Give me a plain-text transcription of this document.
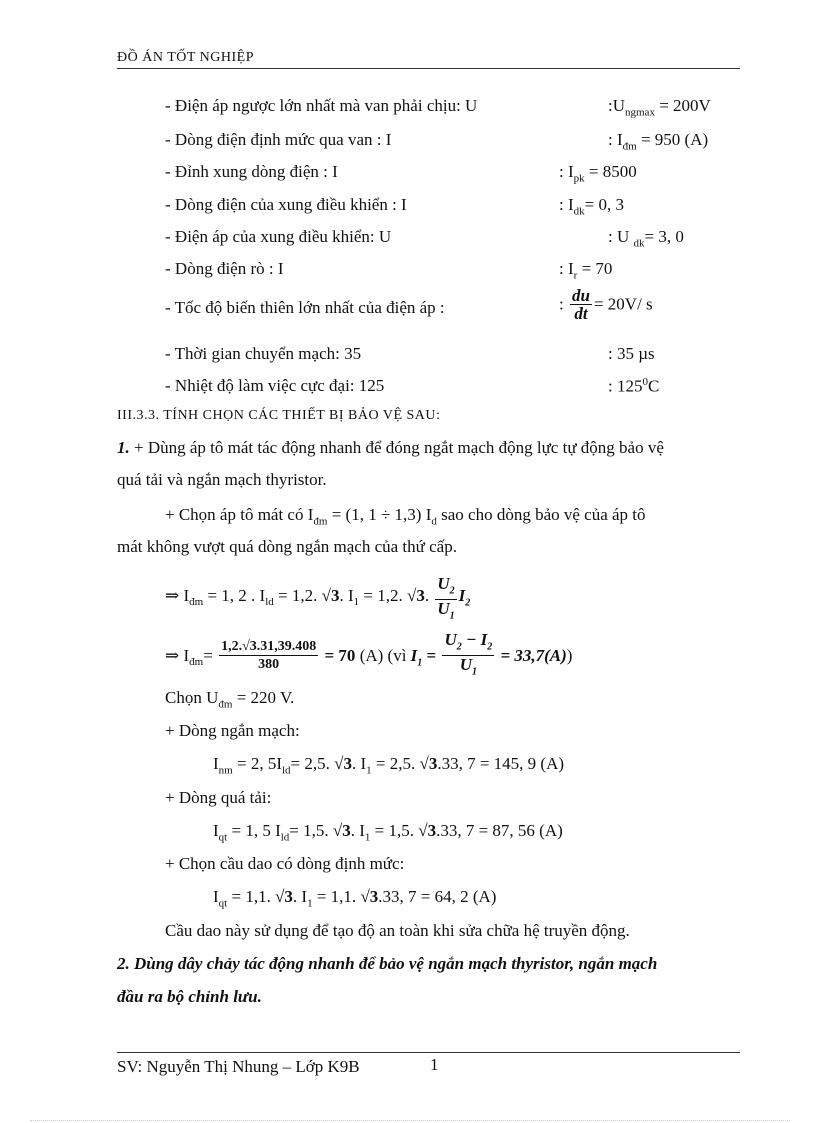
ĐỒ ÁN TỐT NGHIỆP
- Điện áp ngược lớn nhất mà van phải chịu: U	$:U_{ngmax} = 200V$
- Dòng điện định mức qua van : I	: $I_{đm} = 950$ (A)
- Đỉnh xung dòng điện : I	: $I_{pk} = 8500$
- Dòng điện của xung điều khiển : I	: $I_{dk}= 0$, 3
- Điện áp của xung điều khiển: U	: U $_{dk}$= 3, 0
- Dòng điện rò : I	: $I_r = 70$
- Tốc độ biến thiên lớn nhất của điện áp :	: $\frac{du}{dt} = 20V/$ s
- Thời gian chuyển mạch: 35	: 35 µs
- Nhiệt độ làm việc cực đại: 125	: $125^0C$
III.3.3. TÍNH CHỌN CÁC THIẾT BỊ BẢO VỆ SAU:
1. + Dùng áp tô mát tác động nhanh để đóng ngắt mạch động lực tự động bảo vệ
quá tải và ngắn mạch thyristor.
+ Chọn áp tô mát có $I_{đm} = (1$, 1 ÷ 1,3) $I_d$ sao cho dòng bảo vệ của áp tô
mát không vượt quá dòng ngắn mạch của thứ cấp.
⇒ $I_{đm} = 1$, 2 . $I_{ld} = 1,2$. √3. $I_1 = 1,2$. √3. $\frac{U_2}{U_1} I_2$
⇒ $I_{đm}= \frac{1,2.√3.31,39.408}{380} = 70$ (A) (vì $I_1 = \frac{U_2 - I_2}{U_1} = 33,7(A)$)
Chọn $U_{đm} = 220$ V.
+ Dòng ngắn mạch:
$I_{nm} = 2$, $5I_{ld}= 2,5$. √3. $I_1 = 2,5$. √3.33, 7 = 145, 9 (A)
+ Dòng quá tải:
$I_{qt} = 1$, 5 $I_{ld}= 1,5$. √3. $I_1 = 1,5$. √3.33, 7 = 87, 56 (A)
+ Chọn cầu dao có dòng định mức:
$I_{qt} = 1,1$. √3. $I_1 = 1,1$. √3.33, 7 = 64, 2 (A)
Cầu dao này sử dụng để tạo độ an toàn khi sửa chữa hệ truyền động.
2. Dùng dây chảy tác động nhanh để bảo vệ ngắn mạch thyristor, ngắn mạch
đầu ra bộ chỉnh lưu.
SV: Nguyễn Thị Nhung – Lớp K9B	1
